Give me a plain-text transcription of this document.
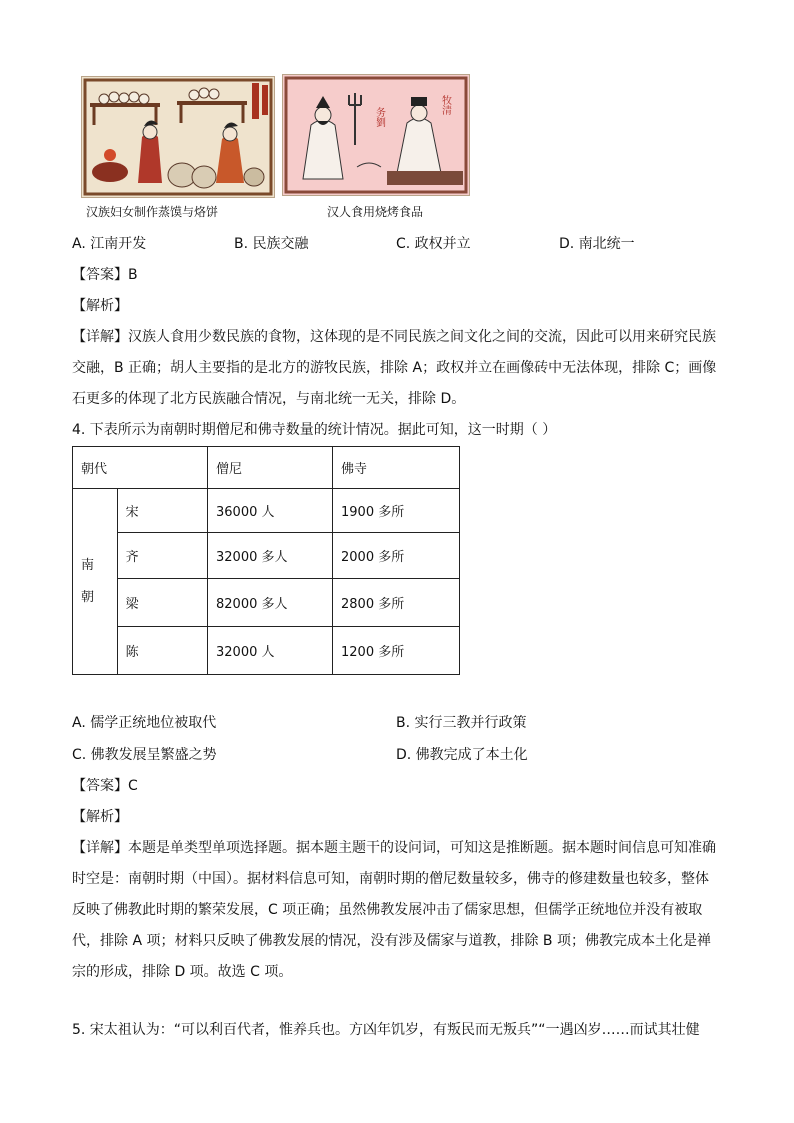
汉族妇女制作蒸馍与烙饼
务劉
牧清
汉人食用烧烤食品
A. 江南开发	B. 民族交融	C. 政权并立	D. 南北统一
【答案】B
【解析】
【详解】汉族人食用少数民族的食物，这体现的是不同民族之间文化之间的交流，因此可以用来研究民族交融，B 正确；胡人主要指的是北方的游牧民族，排除 A；政权并立在画像砖中无法体现，排除 C；画像石更多的体现了北方民族融合情况，与南北统一无关，排除 D。
4. 下表所示为南朝时期僧尼和佛寺数量的统计情况。据此可知，这一时期（ ）
朝代		僧尼	佛寺

南
朝	宋	36000 人	1900 多所
	齐	32000 多人	2000 多所
	梁	82000 多人	2800 多所
	陈	32000 人	1200 多所
A. 儒学正统地位被取代	B. 实行三教并行政策
C. 佛教发展呈繁盛之势	D. 佛教完成了本土化
【答案】C
【解析】
【详解】本题是单类型单项选择题。据本题主题干的设问词，可知这是推断题。据本题时间信息可知准确时空是：南朝时期（中国）。据材料信息可知，南朝时期的僧尼数量较多，佛寺的修建数量也较多，整体反映了佛教此时期的繁荣发展，C 项正确；虽然佛教发展冲击了儒家思想，但儒学正统地位并没有被取代，排除 A 项；材料只反映了佛教发展的情况，没有涉及儒家与道教，排除 B 项；佛教完成本土化是禅宗的形成，排除 D 项。故选 C 项。
5. 宋太祖认为：“可以利百代者，惟养兵也。方凶年饥岁，有叛民而无叛兵”“一遇凶岁……而试其壮健
